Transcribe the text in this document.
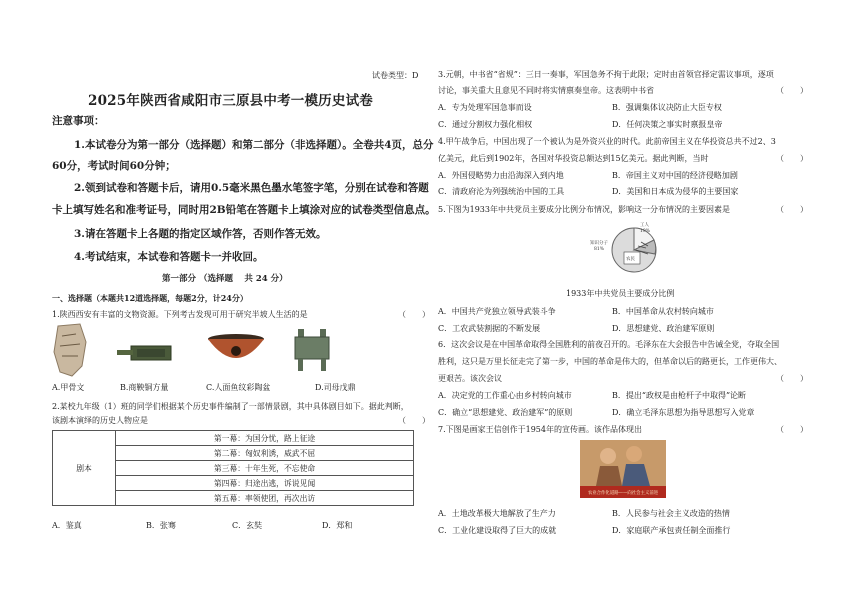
试卷类型：D
2025年陕西省咸阳市三原县中考一模历史试卷
注意事项：
1.本试卷分为第一部分（选择题）和第二部分（非选择题）。全卷共4页，总分
60分，考试时间60分钟；
2.领到试卷和答题卡后，请用0.5毫米黑色墨水笔签字笔，分别在试卷和答题
卡上填写姓名和准考证号，同时用2B铅笔在答题卡上填涂对应的试卷类型信息点。
3.请在答题卡上各题的指定区域作答，否则作答无效。
4.考试结束，本试卷和答题卡一并收回。
第一部分 （选择题　 共 24 分）
一、选择题（本题共12道选择题，每题2分，计24分）
1.陕西西安有丰富的文物资源。下列考古发现可用于研究半坡人生活的是	（　　）
A.甲骨文	B.商鞅铜方量	C.人面鱼纹彩陶盆	D.司母戊鼎
2.某校九年级（1）班的同学们根据某个历史事件编制了一部情景剧，其中具体剧目如下。据此判断，
该剧本演绎的历史人物应是	（　　）
剧本	第一幕：为国分忧，路上征途
第二幕：匈奴利诱，威武不屈
第三幕：十年生死，不忘使命
第四幕：归途出逃，诉说见闻
第五幕：率领使团，再次出访
A．鉴真	B．张骞	C．玄奘	D．郑和
3.元朝，中书省“省规”：三日一奏事，军国急务不拘于此限；定时由首领官择定需议事项，逐项
讨论，事关重大且意见不同时将实情禀奏皇帝。这表明中书省	（　　）
A．专为处理军国急事而设	B．强调集体议决防止大臣专权
C．通过分割权力强化相权	D．任何决策之事实时禀报皇帝
4.甲午战争后，中国出现了一个被认为是外资兴业的时代。此前帝国主义在华投资总共不过2、3
亿美元，此后到1902年，各国对华投资总额达到15亿美元。据此判断，当时	（　　）
A．外国侵略势力由沿海深入到内地	B．帝国主义对中国的经济侵略加剧
C．清政府沦为列强统治中国的工具	D．美国和日本成为侵华的主要国家
5.下图为1933年中共党员主要成分比例分布情况，影响这一分布情况的主要因素是	（　　）
知识分子
81%
工人
19%
农民
1933年中共党员主要成分比例
A．中国共产党独立领导武装斗争	B．中国革命从农村转向城市
C．工农武装割据的不断发展	D．思想建党、政治建军原则
6．这次会议是在中国革命取得全国胜利的前夜召开的。毛泽东在大会报告中告诫全党，夺取全国
胜利，这只是万里长征走完了第一步，中国的革命是伟大的，但革命以后的路更长，工作更伟大、
更艰苦。该次会议	（　　）
A．决定党的工作重心由乡村转向城市	B．提出“政权是由枪杆子中取得”论断
C．确立“思想建党、政治建军”的原则	D．确立毛泽东思想为指导思想写入党章
7.下图是画家王信创作于1954年的宣传画。该作品体现出	（　　）
农业合作化道路——向社会主义前进
A．土地改革极大地解放了生产力	B．人民参与社会主义改造的热情
C．工业化建设取得了巨大的成就	D．家庭联产承包责任制全面推行
